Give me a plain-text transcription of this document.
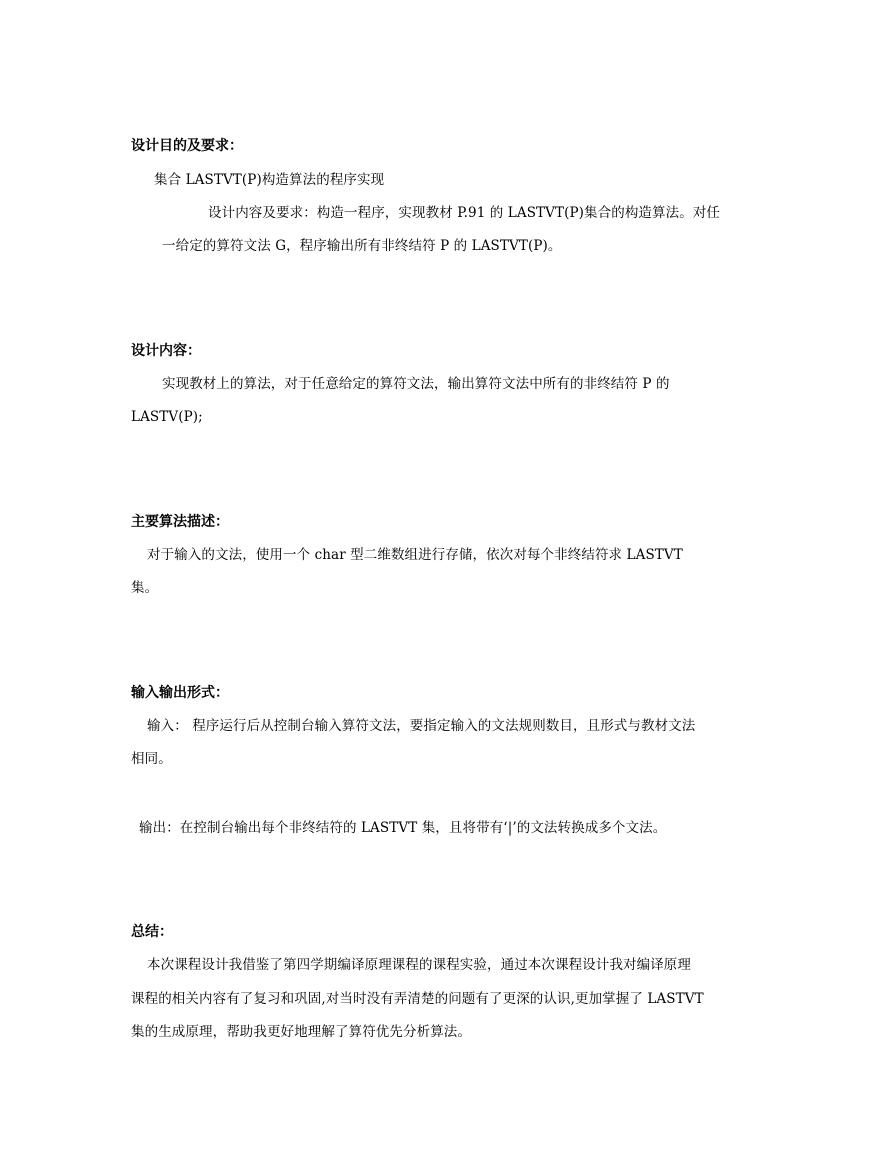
设计目的及要求：
集合 LASTVT(P)构造算法的程序实现
设计内容及要求：构造一程序，实现教材 P.91 的 LASTVT(P)集合的构造算法。对任
一给定的算符文法 G，程序输出所有非终结符 P 的 LASTVT(P)。
设计内容：
实现教材上的算法，对于任意给定的算符文法，输出算符文法中所有的非终结符 P 的
LASTV(P);
主要算法描述：
对于输入的文法，使用一个 char 型二维数组进行存储，依次对每个非终结符求 LASTVT
集。
输入输出形式：
输入： 程序运行后从控制台输入算符文法，要指定输入的文法规则数目，且形式与教材文法
相同。
输出：在控制台输出每个非终结符的 LASTVT 集，且将带有‘|’的文法转换成多个文法。
总结：
本次课程设计我借鉴了第四学期编译原理课程的课程实验，通过本次课程设计我对编译原理
课程的相关内容有了复习和巩固,对当时没有弄清楚的问题有了更深的认识,更加掌握了 LASTVT
集的生成原理，帮助我更好地理解了算符优先分析算法。
